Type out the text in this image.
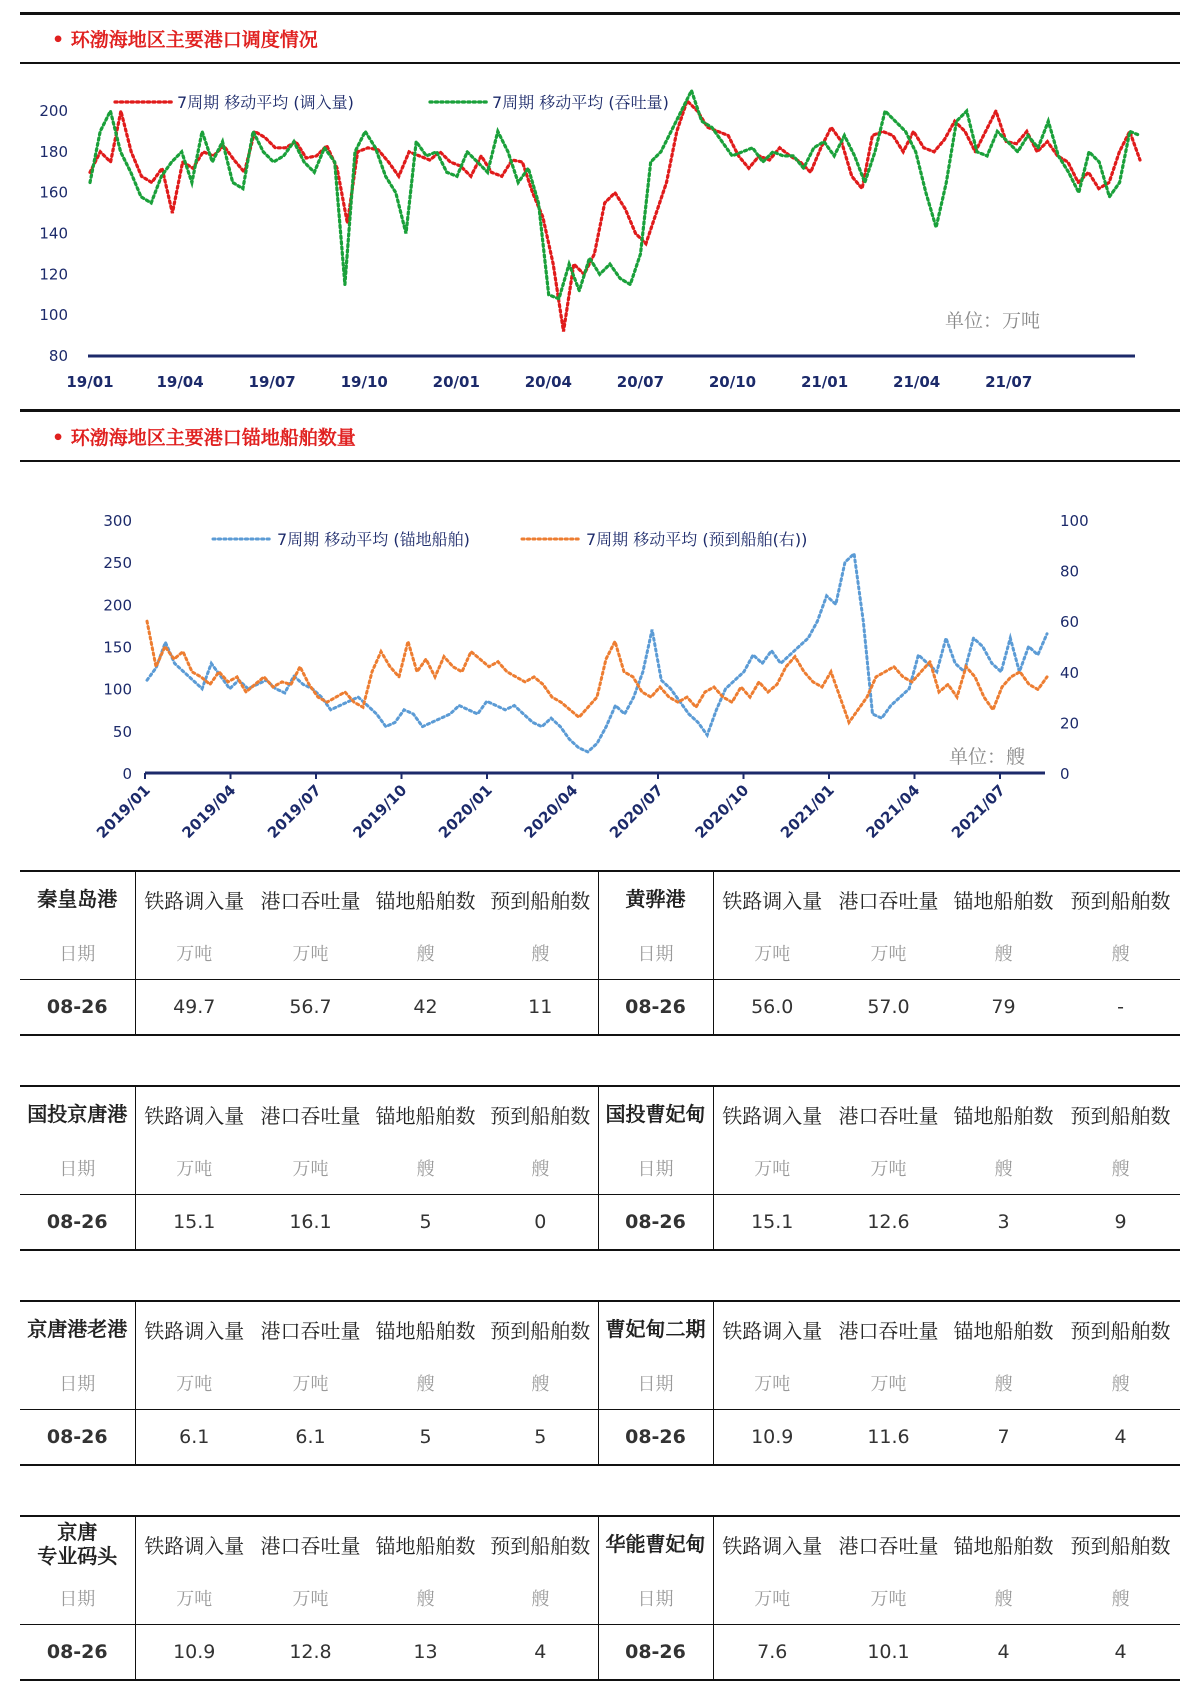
• 环渤海地区主要港口调度情况
80
100
120
140
160
180
200
19/01	19/04	19/07	19/10	20/01	20/04	20/07	20/10	21/01	21/04	21/07
7周期 移动平均 (调入量)	7周期 移动平均 (吞吐量)
单位：万吨
• 环渤海地区主要港口锚地船舶数量
0
50
100
150
200
250
300
0
20
40
60
80
100
2019/01 2019/04 2019/07 2019/10 2020/01 2020/04 2020/07 2020/10 2021/01 2021/04 2021/07
7周期 移动平均 (锚地船舶)	7周期 移动平均 (预到船舶(右))
单位：艘
秦皇岛港	铁路调入量	港口吞吐量	锚地船舶数	预到船舶数	黄骅港	铁路调入量	港口吞吐量	锚地船舶数	预到船舶数
日期	万吨	万吨	艘	艘	日期	万吨	万吨	艘	艘
08-26	49.7	56.7	42	11	08-26	56.0	57.0	79	-
国投京唐港	铁路调入量	港口吞吐量	锚地船舶数	预到船舶数	国投曹妃甸	铁路调入量	港口吞吐量	锚地船舶数	预到船舶数
日期	万吨	万吨	艘	艘	日期	万吨	万吨	艘	艘
08-26	15.1	16.1	5	0	08-26	15.1	12.6	3	9
京唐港老港	铁路调入量	港口吞吐量	锚地船舶数	预到船舶数	曹妃甸二期	铁路调入量	港口吞吐量	锚地船舶数	预到船舶数
日期	万吨	万吨	艘	艘	日期	万吨	万吨	艘	艘
08-26	6.1	6.1	5	5	08-26	10.9	11.6	7	4
京唐
专业码头	铁路调入量	港口吞吐量	锚地船舶数	预到船舶数	华能曹妃甸	铁路调入量	港口吞吐量	锚地船舶数	预到船舶数
日期	万吨	万吨	艘	艘	日期	万吨	万吨	艘	艘
08-26	10.9	12.8	13	4	08-26	7.6	10.1	4	4
